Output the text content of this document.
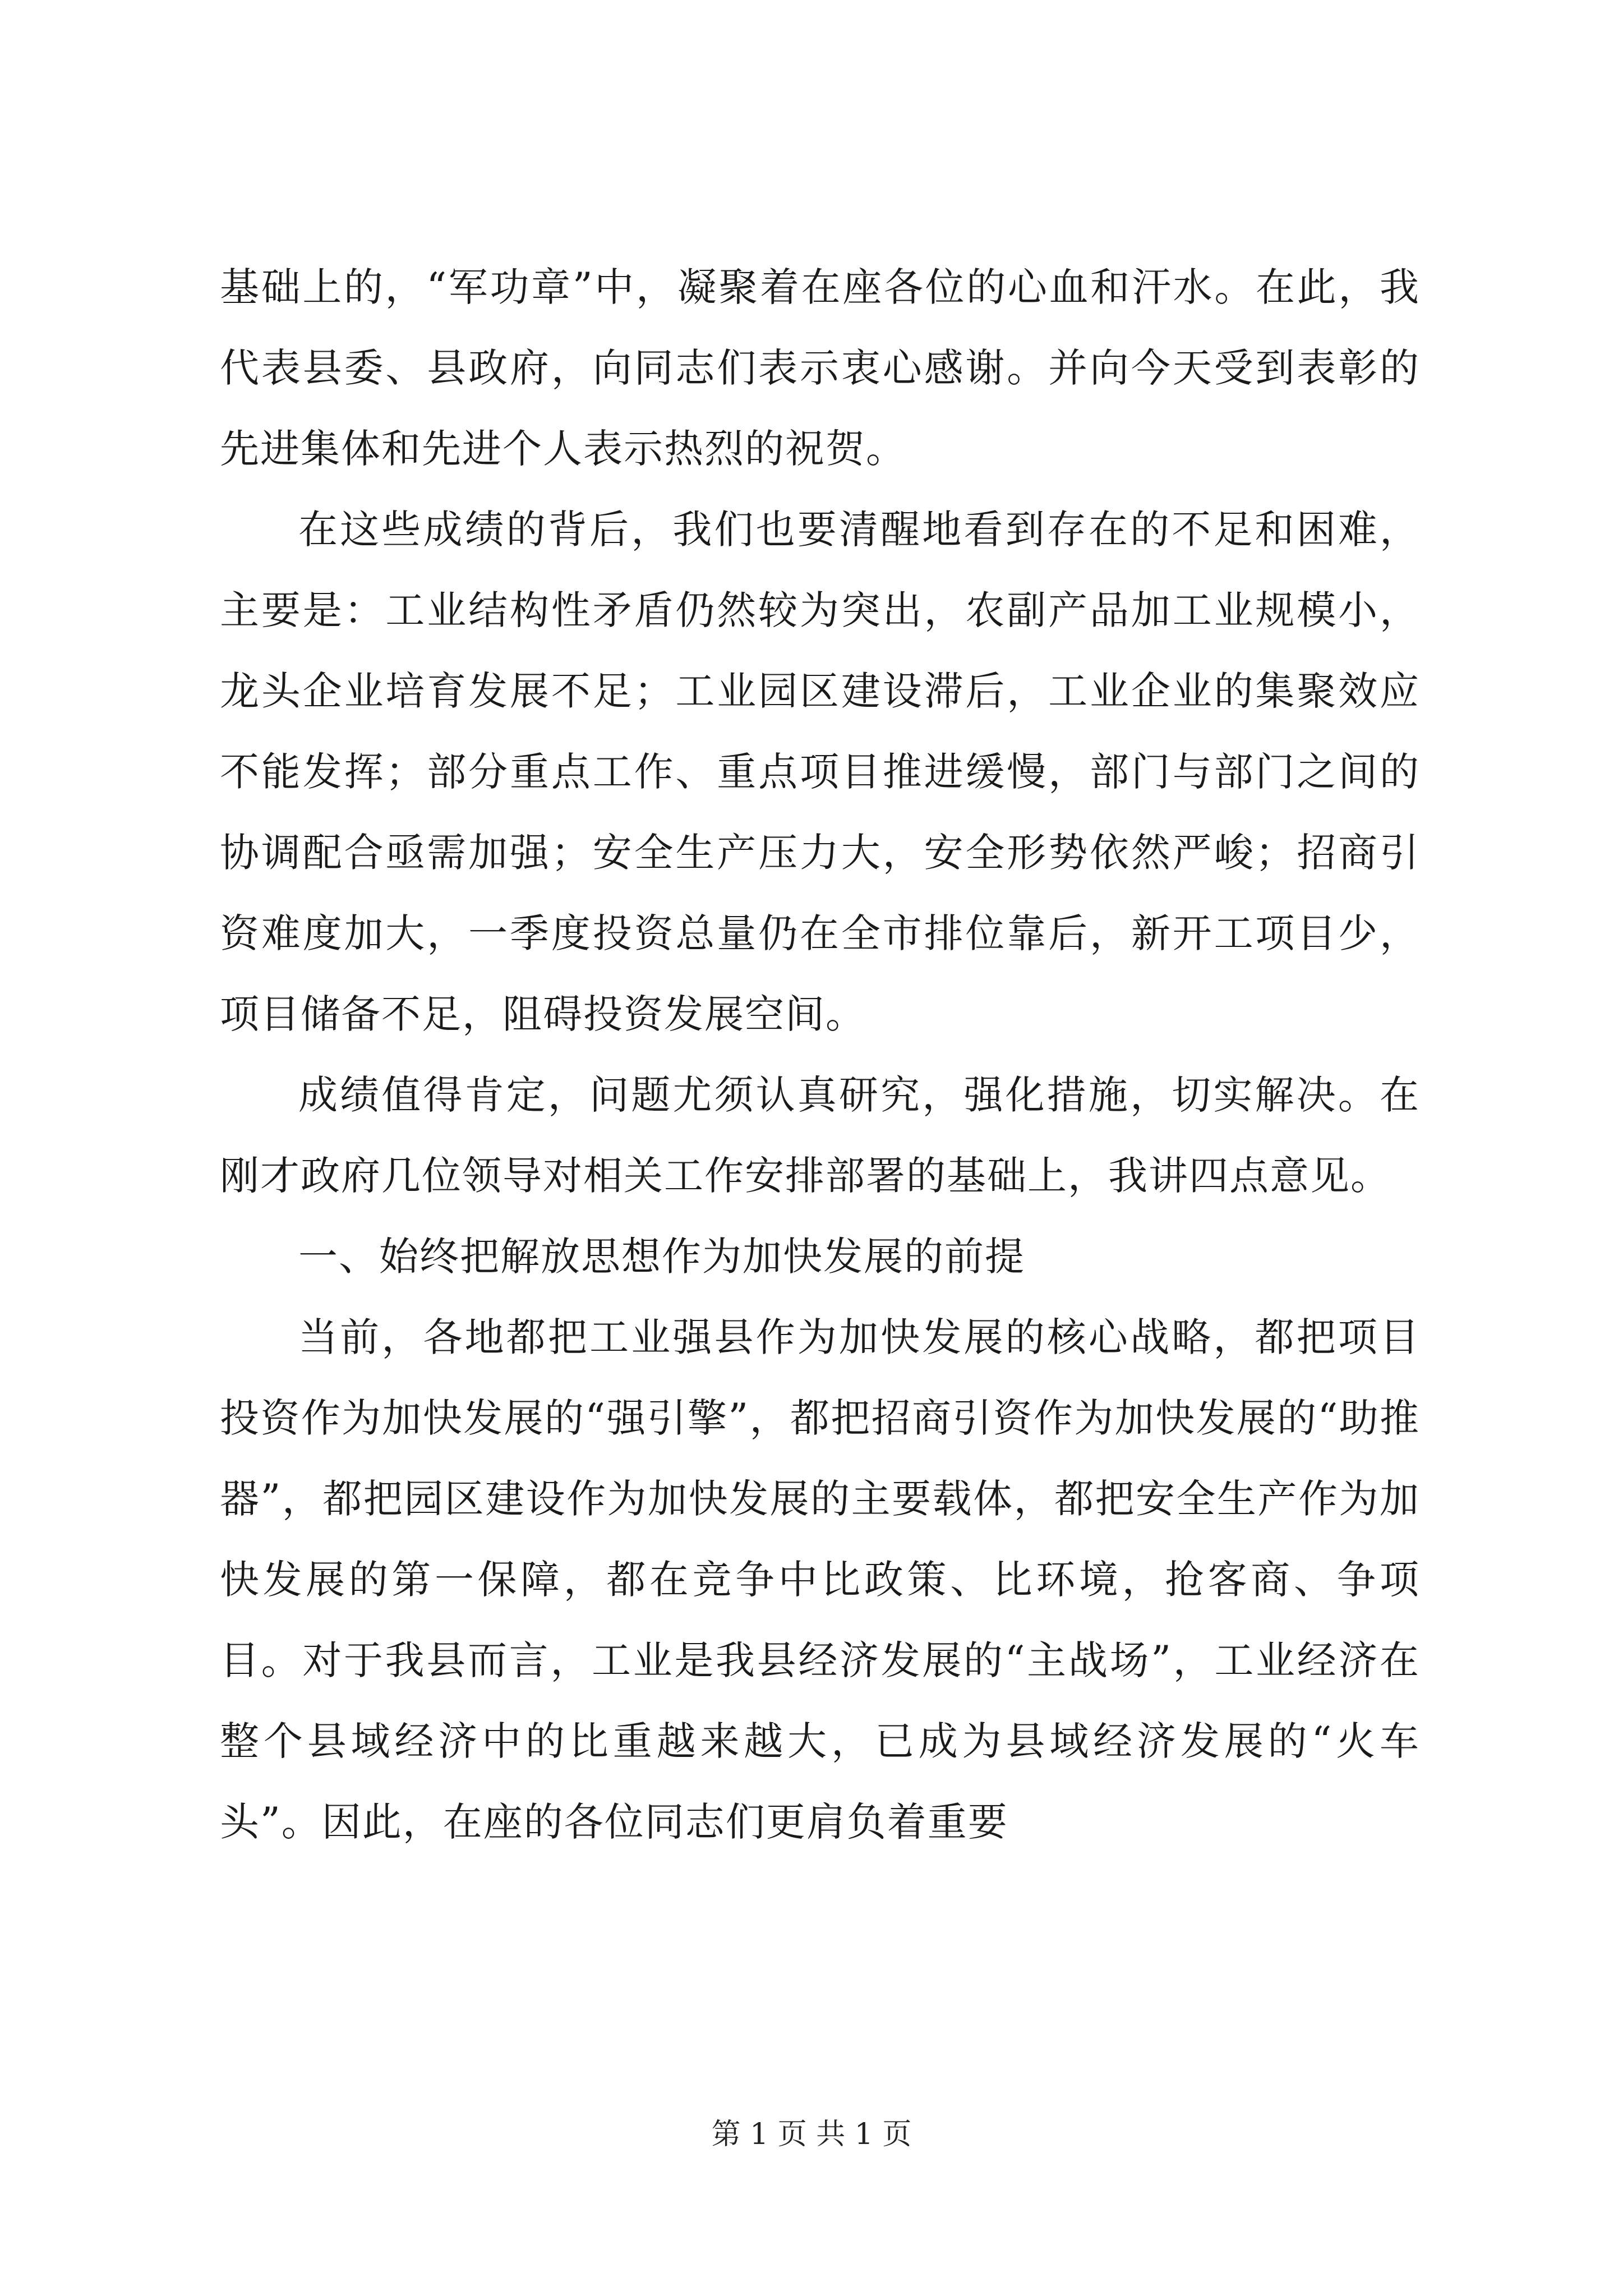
基础上的，“军功章”中，凝聚着在座各位的心血和汗水。在此，我代表县委、县政府，向同志们表示衷心感谢。并向今天受到表彰的先进集体和先进个人表示热烈的祝贺。

在这些成绩的背后，我们也要清醒地看到存在的不足和困难，主要是：工业结构性矛盾仍然较为突出，农副产品加工业规模小，龙头企业培育发展不足；工业园区建设滞后，工业企业的集聚效应不能发挥；部分重点工作、重点项目推进缓慢，部门与部门之间的协调配合亟需加强；安全生产压力大，安全形势依然严峻；招商引资难度加大，一季度投资总量仍在全市排位靠后，新开工项目少，项目储备不足，阻碍投资发展空间。

成绩值得肯定，问题尤须认真研究，强化措施，切实解决。在刚才政府几位领导对相关工作安排部署的基础上，我讲四点意见。

一、始终把解放思想作为加快发展的前提

当前，各地都把工业强县作为加快发展的核心战略，都把项目投资作为加快发展的“强引擎”，都把招商引资作为加快发展的“助推器”，都把园区建设作为加快发展的主要载体，都把安全生产作为加快发展的第一保障，都在竞争中比政策、比环境，抢客商、争项目。对于我县而言，工业是我县经济发展的“主战场”，工业经济在整个县域经济中的比重越来越大，已成为县域经济发展的“火车头”。因此，在座的各位同志们更肩负着重要

第 1 页 共 1 页
